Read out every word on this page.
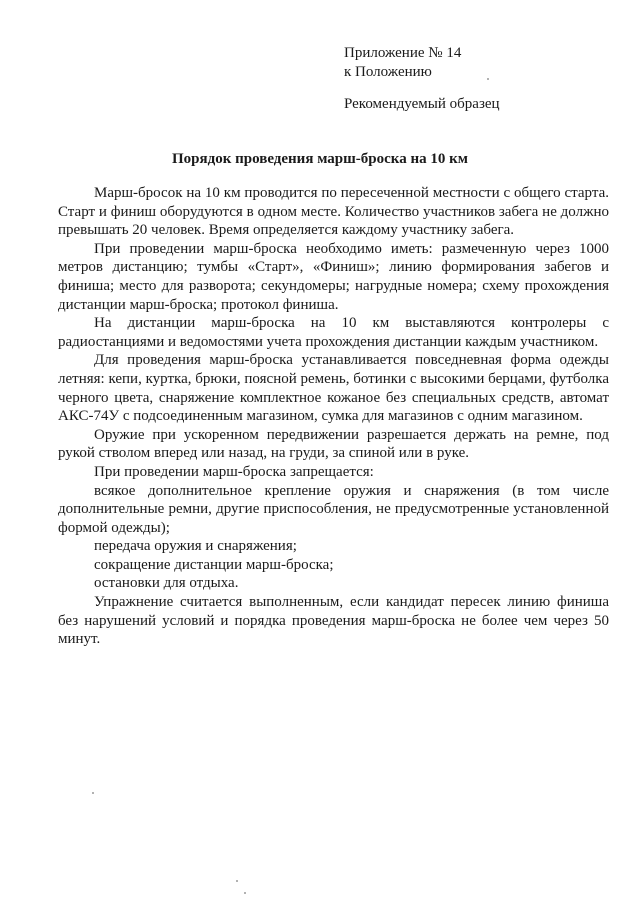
Приложение № 14
к Положению
Рекомендуемый образец
Порядок проведения марш-броска на 10 км

Марш-бросок на 10 км проводится по пересеченной местности с общего старта. Старт и финиш оборудуются в одном месте. Количество участников забега не должно превышать 20 человек. Время определяется каждому участнику забега.

При проведении марш-броска необходимо иметь: размеченную через 1000 метров дистанцию; тумбы «Старт», «Финиш»; линию формирования забегов и финиша; место для разворота; секундомеры; нагрудные номера; схему прохождения дистанции марш-броска; протокол финиша.

На дистанции марш-броска на 10 км выставляются контролеры с радиостанциями и ведомостями учета прохождения дистанции каждым участником.

Для проведения марш-броска устанавливается повседневная форма одежды летняя: кепи, куртка, брюки, поясной ремень, ботинки с высокими берцами, футболка черного цвета, снаряжение комплектное кожаное без специальных средств, автомат АКС-74У с подсоединенным магазином, сумка для магазинов с одним магазином.

Оружие при ускоренном передвижении разрешается держать на ремне, под рукой стволом вперед или назад, на груди, за спиной или в руке.

При проведении марш-броска запрещается:

всякое дополнительное крепление оружия и снаряжения (в том числе дополнительные ремни, другие приспособления, не предусмотренные установленной формой одежды);

передача оружия и снаряжения;

сокращение дистанции марш-броска;

остановки для отдыха.

Упражнение считается выполненным, если кандидат пересек линию финиша без нарушений условий и порядка проведения марш-броска не более чем через 50 минут.
